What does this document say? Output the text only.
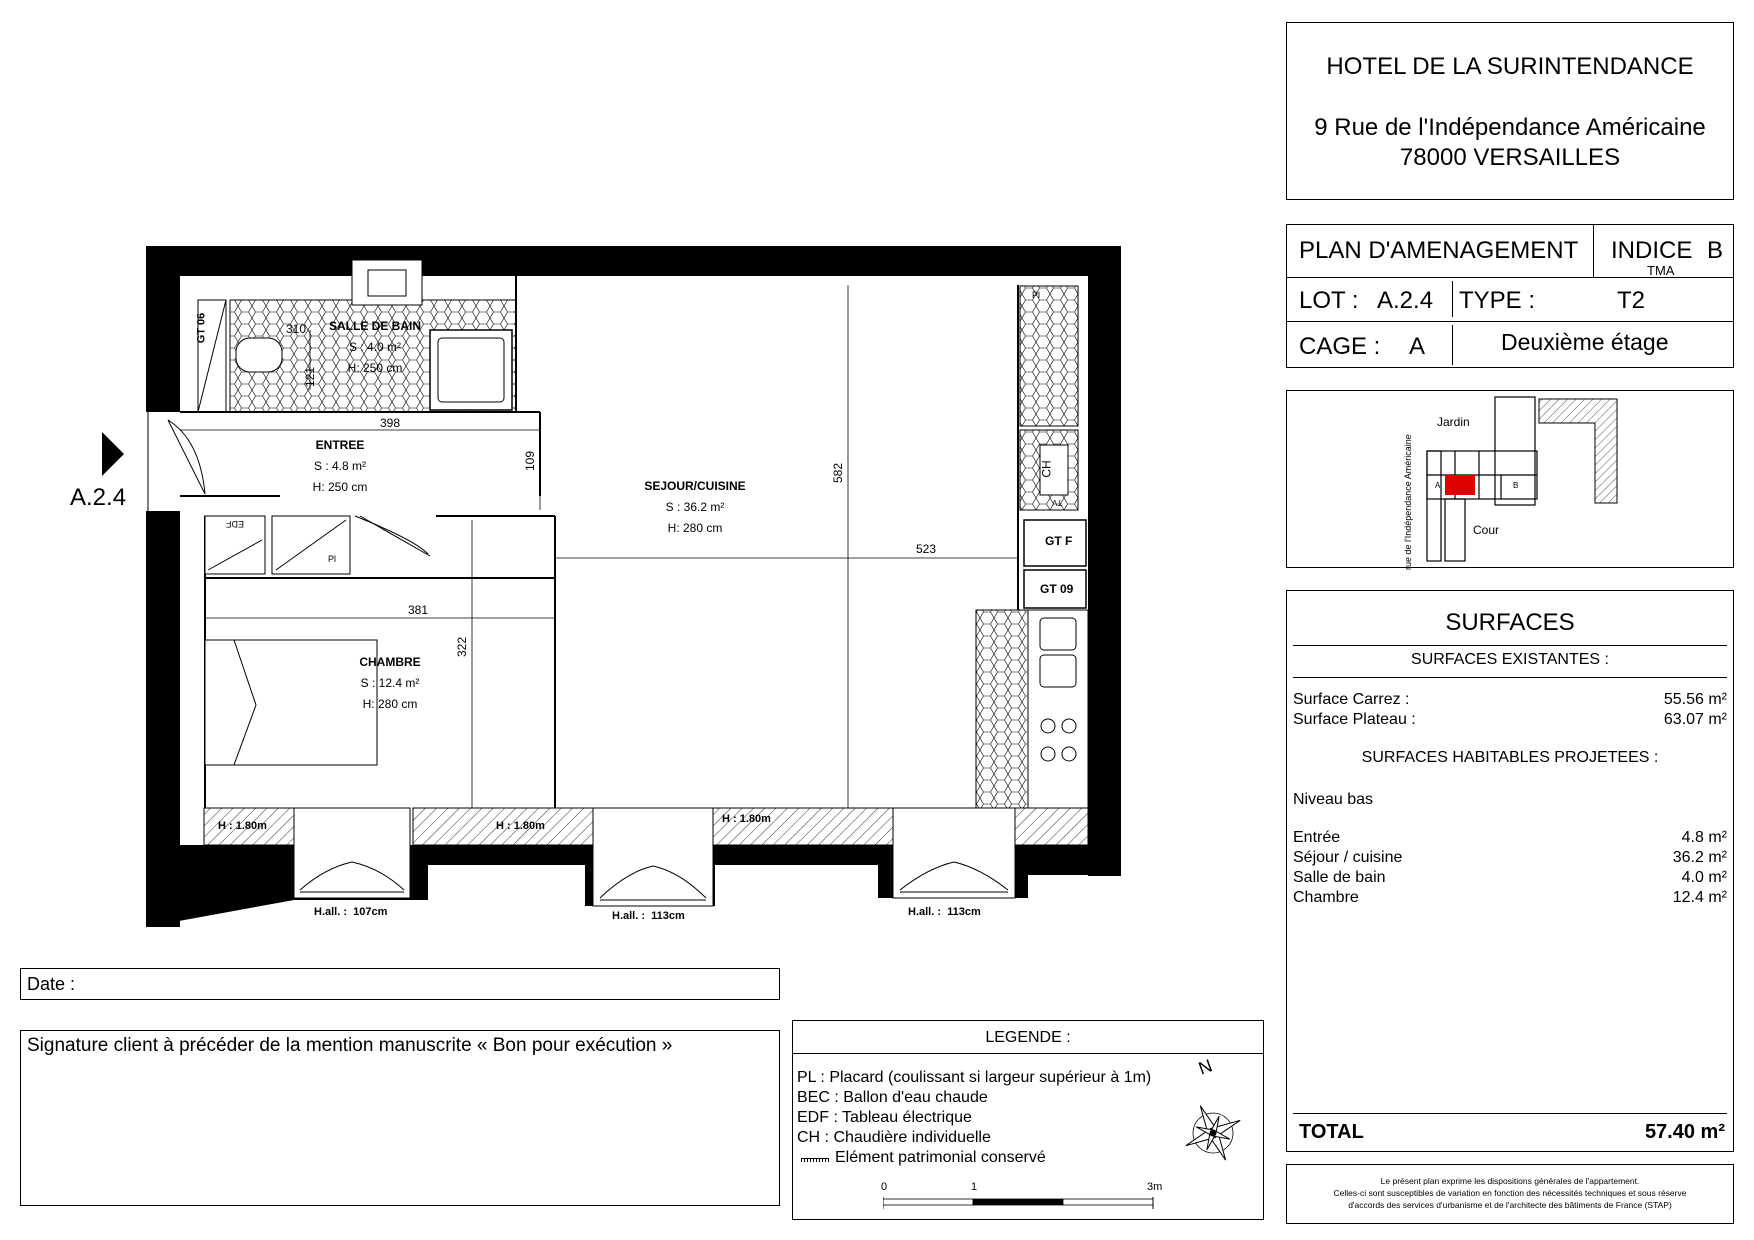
A.2.4
SALLE DE BAIN
S : 4.0 m²
H: 250 cm
ENTREE
S : 4.8 m²
H: 250 cm	SEJOUR/CUISINE
S : 36.2 m²
H: 280 cm
CHAMBRE
S : 12.4 m²
H: 280 cm
310
121
398
109
582
523
381
322
GT 06
GT F
GT 09
CH
Pl
Pl
EDF
TV
H : 1.80m	H : 1.80m
H : 1.80m
H.all. :  107cm	H.all. :  113cm	H.all. :  113cm
HOTEL DE LA SURINTENDANCE
9 Rue de l'Indépendance Américaine
78000 VERSAILLES
PLAN D'AMENAGEMENT INDICE B
TMA
LOT : A.2.4 TYPE :	T2
CAGE : A	Deuxième étage
Jardin
Cour
rue de l'Indépendance Américaine	A	B
SURFACES
SURFACES EXISTANTES :
Surface Carrez :	55.56 m²
Surface Plateau :	63.07 m²
SURFACES HABITABLES PROJETEES :
Niveau bas
Entrée	4.8 m²
Séjour / cuisine	36.2 m²
Salle de bain	4.0 m²
Chambre	12.4 m²
TOTAL	57.40 m²
Le présent plan exprime les dispositions générales de l'appartement.
Celles-ci sont susceptibles de variation en fonction des nécessités techniques et sous réserve
d'accords des services d'urbanisme et de l'architecte des bâtiments de France (STAP)
Date :
Signature client à précéder de la mention manuscrite « Bon pour exécution »	LEGENDE :
PL : Placard (coulissant si largeur supérieur à 1m)
BEC : Ballon d'eau chaude
EDF : Tableau électrique
CH : Chaudière individuelle
Elément patrimonial conservé
N
0	1	3m
